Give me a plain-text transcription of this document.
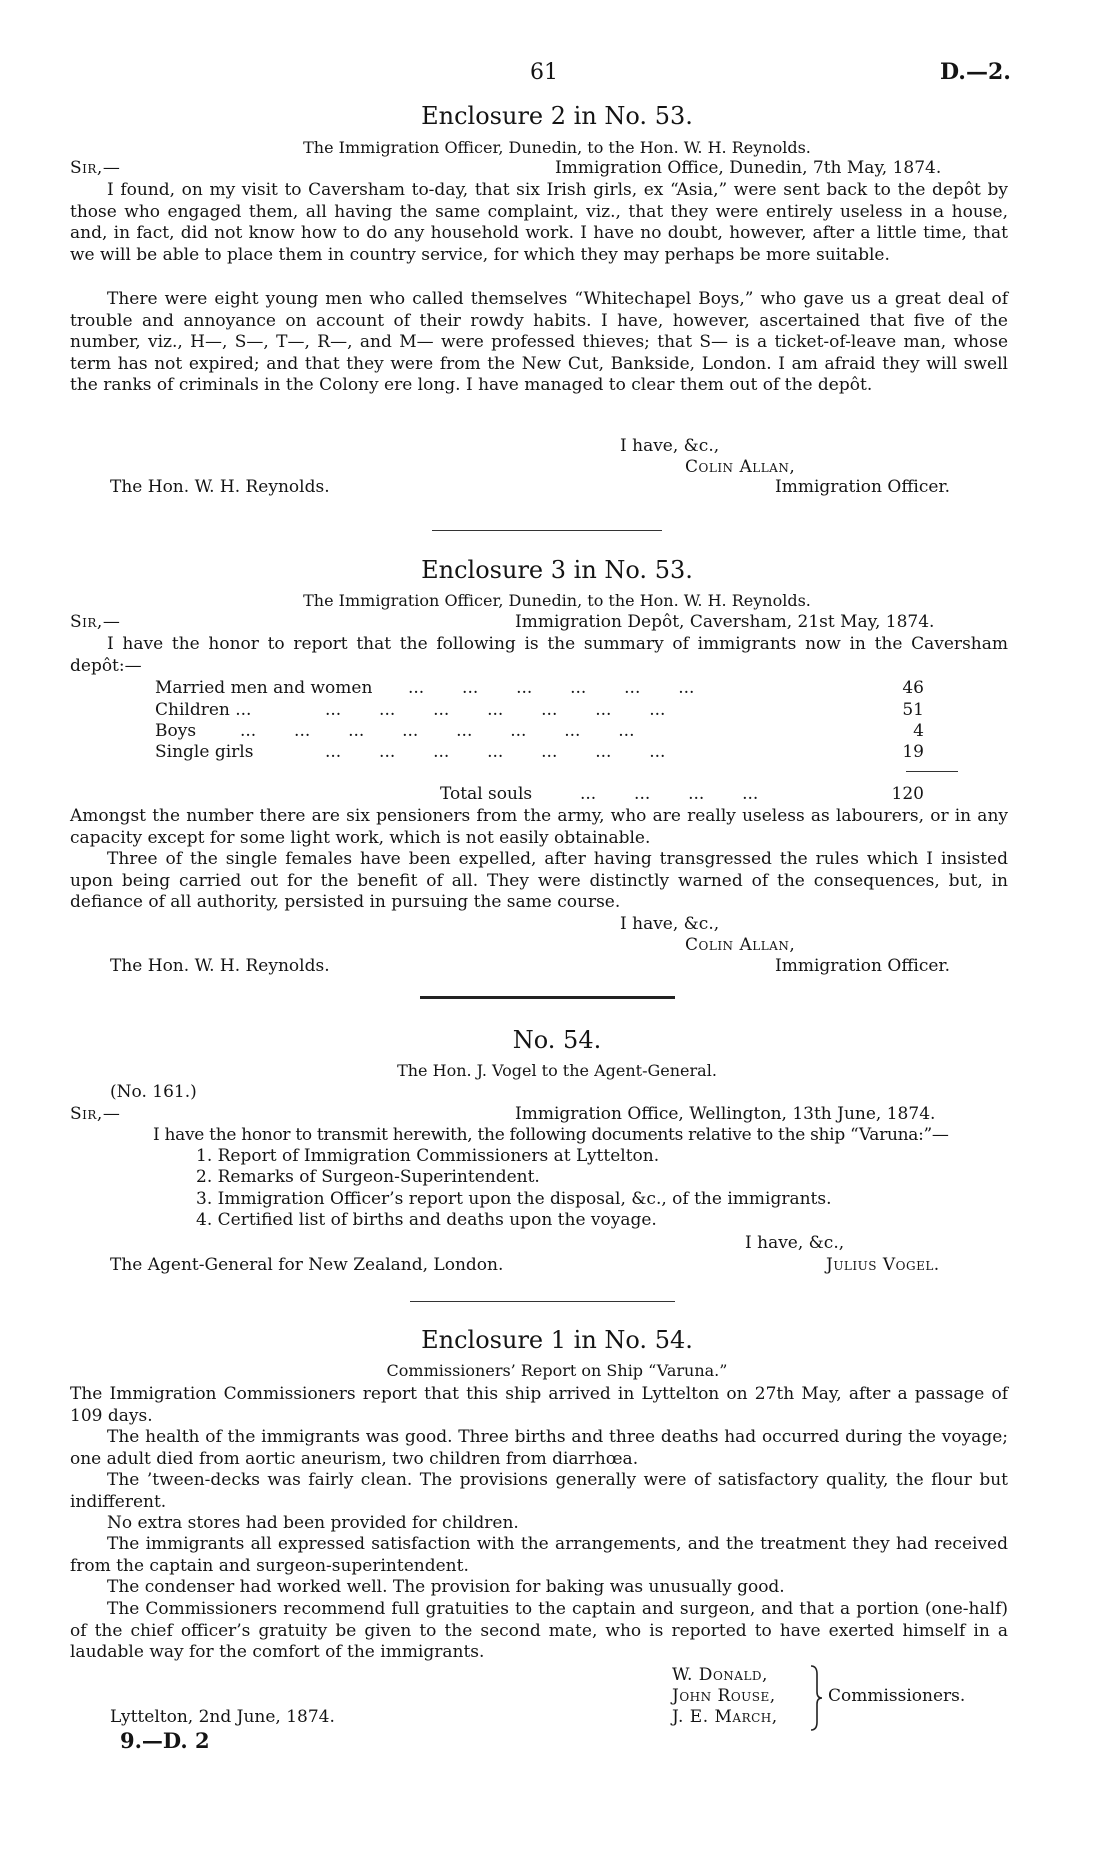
61	D.—2.
Enclosure 2 in No. 53.
The Immigration Officer, Dunedin, to the Hon. W. H. Reynolds.
Sir,—	Immigration Office, Dunedin, 7th May, 1874.
I found, on my visit to Caversham to-day, that six Irish girls, ex “Asia,” were sent back to the depôt by those who engaged them, all having the same complaint, viz., that they were entirely useless in a house, and, in fact, did not know how to do any household work. I have no doubt, however, after a little time, that we will be able to place them in country service, for which they may perhaps be more suitable.
There were eight young men who called themselves “Whitechapel Boys,” who gave us a great deal of trouble and annoyance on account of their rowdy habits. I have, however, ascertained that five of the number, viz., H—, S—, T—, R—, and M— were professed thieves; that S— is a ticket-of-leave man, whose term has not expired; and that they were from the New Cut, Bankside, London. I am afraid they will swell the ranks of criminals in the Colony ere long. I have managed to clear them out of the depôt.
I have, &c.,
Colin Allan,
Immigration Officer.
The Hon. W. H. Reynolds.
Enclosure 3 in No. 53.
The Immigration Officer, Dunedin, to the Hon. W. H. Reynolds.
Sir,—	Immigration Depôt, Caversham, 21st May, 1874.
I have the honor to report that the following is the summary of immigrants now in the Caversham depôt:—
Married men and women ...       ...       ...       ...       ...       ...	46
Children ...	...       ...       ...       ...       ...       ...       ...	51
Boys	...       ...       ...       ...       ...       ...       ...       ...	4
Single girls	...       ...       ...       ...       ...       ...       ...	19
Total souls	...       ...       ...       ...	120
Amongst the number there are six pensioners from the army, who are really useless as labourers, or in any capacity except for some light work, which is not easily obtainable.
Three of the single females have been expelled, after having transgressed the rules which I insisted upon being carried out for the benefit of all. They were distinctly warned of the consequences, but, in defiance of all authority, persisted in pursuing the same course.
I have, &c.,
Colin Allan,
Immigration Officer.
The Hon. W. H. Reynolds.
No. 54.
The Hon. J. Vogel to the Agent-General.
(No. 161.)
Sir,—	Immigration Office, Wellington, 13th June, 1874.
I have the honor to transmit herewith, the following documents relative to the ship “Varuna:”—
1. Report of Immigration Commissioners at Lyttelton.
2. Remarks of Surgeon-Superintendent.
3. Immigration Officer’s report upon the disposal, &c., of the immigrants.
4. Certified list of births and deaths upon the voyage.
I have, &c.,
Julius Vogel.
The Agent-General for New Zealand, London.
Enclosure 1 in No. 54.
Commissioners’ Report on Ship “Varuna.”
The Immigration Commissioners report that this ship arrived in Lyttelton on 27th May, after a passage of 109 days.
The health of the immigrants was good. Three births and three deaths had occurred during the voyage; one adult died from aortic aneurism, two children from diarrhœa.
The ’tween-decks was fairly clean. The provisions generally were of satisfactory quality, the flour but indifferent.
No extra stores had been provided for children.
The immigrants all expressed satisfaction with the arrangements, and the treatment they had received from the captain and surgeon-superintendent.
The condenser had worked well. The provision for baking was unusually good.
The Commissioners recommend full gratuities to the captain and surgeon, and that a portion (one-half) of the chief officer’s gratuity be given to the second mate, who is reported to have exerted himself in a laudable way for the comfort of the immigrants.
W. Donald,
John Rouse,
J. E. March,
Commissioners.
Lyttelton, 2nd June, 1874.
9.—D. 2
